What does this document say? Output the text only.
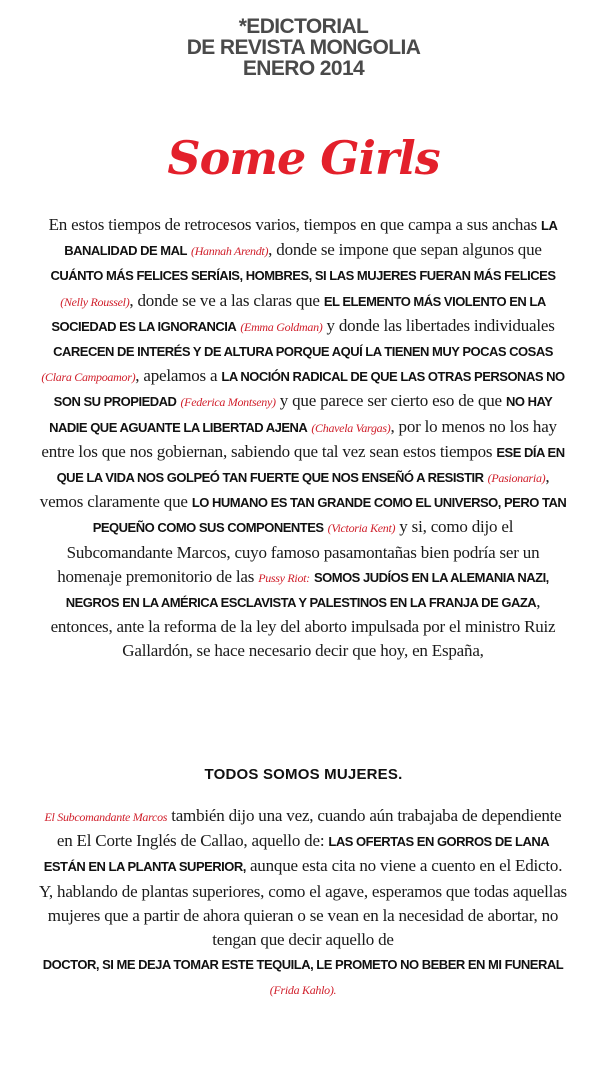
*EDICTORIAL
DE REVISTA MONGOLIA
ENERO 2014
Some Girls
En estos tiempos de retrocesos varios, tiempos en que campa a sus anchas LA BANALIDAD DE MAL (Hannah Arendt), donde se impone que sepan algunos que CUÁNTO MÁS FELICES SERÍAIS, HOMBRES, SI LAS MUJERES FUERAN MÁS FELICES (Nelly Roussel), donde se ve a las claras que EL ELEMENTO MÁS VIOLENTO EN LA SOCIEDAD ES LA IGNORANCIA (Emma Goldman) y donde las libertades individuales CARECEN DE INTERÉS Y DE ALTURA PORQUE AQUÍ LA TIENEN MUY POCAS COSAS (Clara Campoamor), apelamos a LA NOCIÓN RADICAL DE QUE LAS OTRAS PERSONAS NO SON SU PROPIEDAD (Federica Montseny) y que parece ser cierto eso de que NO HAY NADIE QUE AGUANTE LA LIBERTAD AJENA (Chavela Vargas), por lo menos no los hay entre los que nos gobiernan, sabiendo que tal vez sean estos tiempos ESE DÍA EN QUE LA VIDA NOS GOLPEÓ TAN FUERTE QUE NOS ENSEÑÓ A RESISTIR (Pasionaria), vemos claramente que LO HUMANO ES TAN GRANDE COMO EL UNIVERSO, PERO TAN PEQUEÑO COMO SUS COMPONENTES (Victoria Kent) y si, como dijo el Subcomandante Marcos, cuyo famoso pasamontañas bien podría ser un homenaje premonitorio de las Pussy Riot: SOMOS JUDÍOS EN LA ALEMANIA NAZI, NEGROS EN LA AMÉRICA ESCLAVISTA Y PALESTINOS EN LA FRANJA DE GAZA, entonces, ante la reforma de la ley del aborto impulsada por el ministro Ruiz Gallardón, se hace necesario decir que hoy, en España,
TODOS SOMOS MUJERES.
El Subcomandante Marcos también dijo una vez, cuando aún trabajaba de dependiente en El Corte Inglés de Callao, aquello de: LAS OFERTAS EN GORROS DE LANA ESTÁN EN LA PLANTA SUPERIOR, aunque esta cita no viene a cuento en el Edicto.
Y, hablando de plantas superiores, como el agave, esperamos que todas aquellas mujeres que a partir de ahora quieran o se vean en la necesidad de abortar, no tengan que decir aquello de
DOCTOR, SI ME DEJA TOMAR ESTE TEQUILA, LE PROMETO NO BEBER EN MI FUNERAL
(Frida Kahlo).
